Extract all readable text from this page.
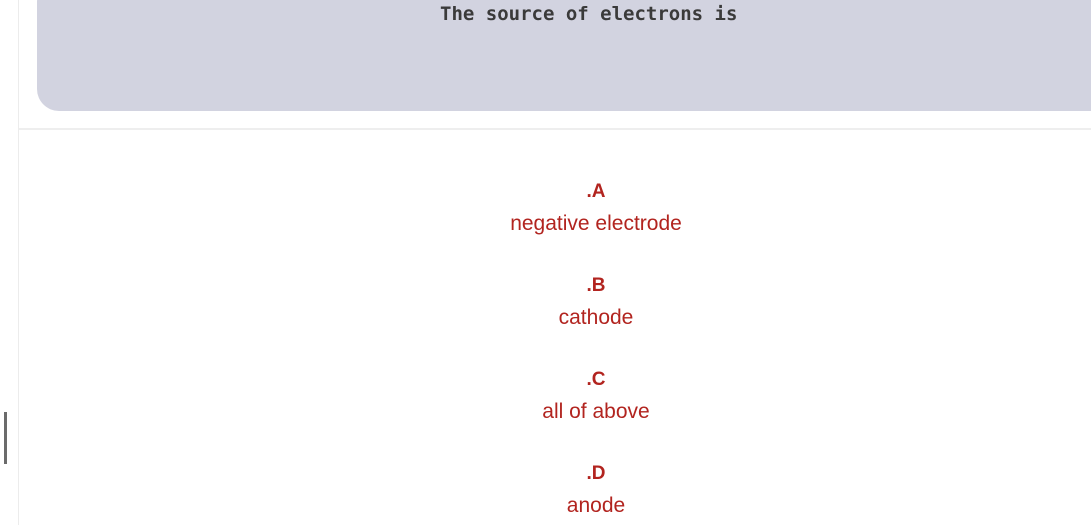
The source of electrons is
.A
negative electrode
.B
cathode
.C
all of above
.D
anode
